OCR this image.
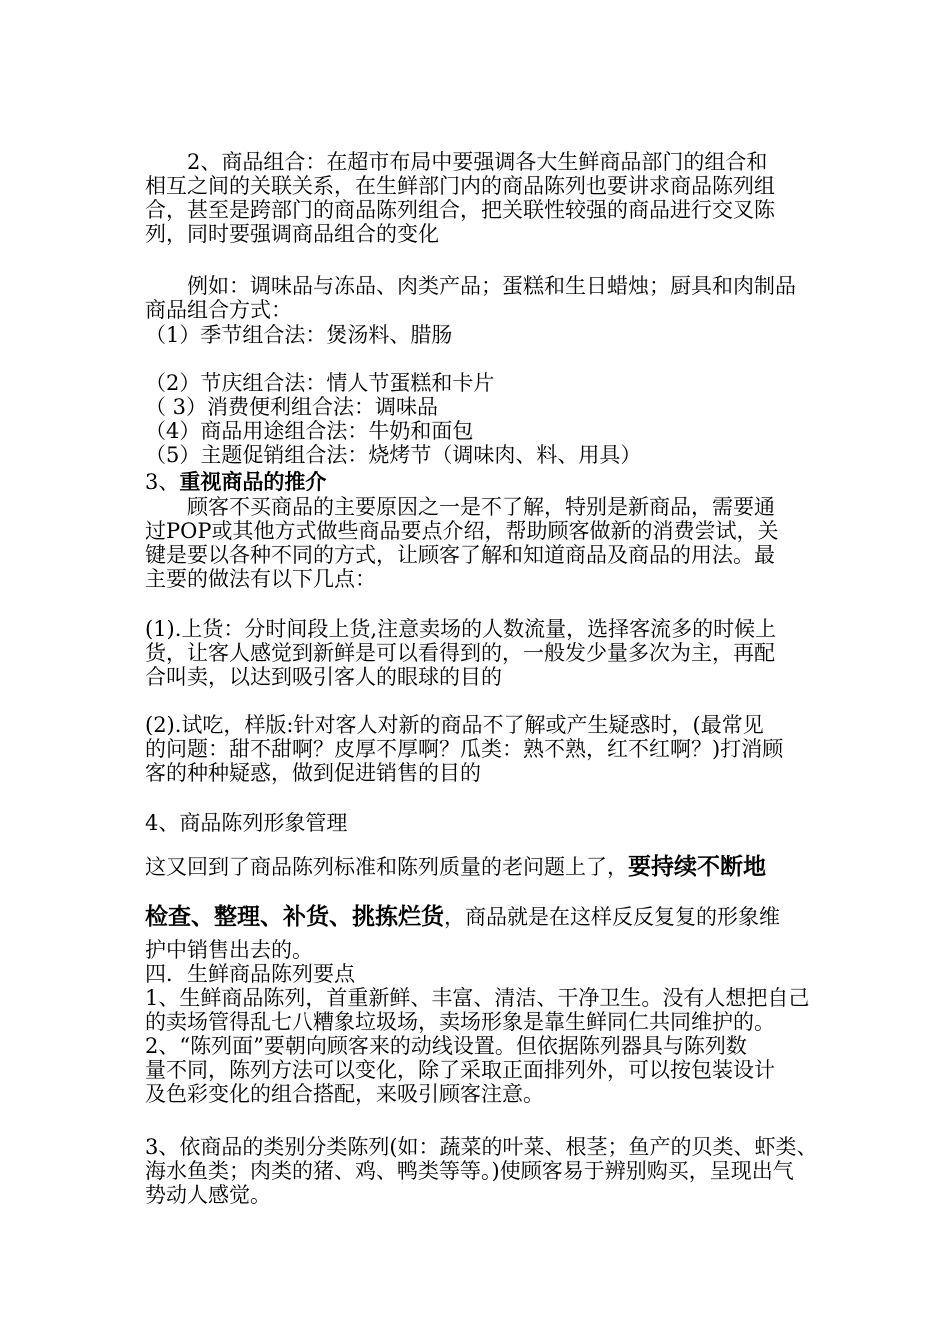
　　2、商品组合：在超市布局中要强调各大生鲜商品部门的组合和
相互之间的关联关系，在生鲜部门内的商品陈列也要讲求商品陈列组
合，甚至是跨部门的商品陈列组合，把关联性较强的商品进行交叉陈
列，同时要强调商品组合的变化
　　例如：调味品与冻品、肉类产品；蛋糕和生日蜡烛；厨具和肉制品
商品组合方式：
（1）季节组合法：煲汤料、腊肠
（2）节庆组合法：情人节蛋糕和卡片
（ 3）消费便利组合法：调味品
（4）商品用途组合法：牛奶和面包
（5）主题促销组合法：烧烤节（调味肉、料、用具）
3、重视商品的推介
　　顾客不买商品的主要原因之一是不了解，特别是新商品，需要通
过POP或其他方式做些商品要点介绍，帮助顾客做新的消费尝试，关
键是要以各种不同的方式，让顾客了解和知道商品及商品的用法。最
主要的做法有以下几点：
(1).上货：分时间段上货,注意卖场的人数流量，选择客流多的时候上
货，让客人感觉到新鲜是可以看得到的，一般发少量多次为主，再配
合叫卖，以达到吸引客人的眼球的目的
(2).试吃，样版:针对客人对新的商品不了解或产生疑惑时，(最常见
的问题：甜不甜啊？皮厚不厚啊？瓜类：熟不熟，红不红啊？)打消顾
客的种种疑惑，做到促进销售的目的
4、商品陈列形象管理
这又回到了商品陈列标准和陈列质量的老问题上了，要持续不断地
检查、整理、补货、挑拣烂货，商品就是在这样反反复复的形象维
护中销售出去的。
四．生鲜商品陈列要点
1、生鲜商品陈列，首重新鲜、丰富、清洁、干净卫生。没有人想把自己
的卖场管得乱七八糟象垃圾场，卖场形象是靠生鲜同仁共同维护的。
2、“陈列面”要朝向顾客来的动线设置。但依据陈列器具与陈列数
量不同，陈列方法可以变化，除了采取正面排列外，可以按包装设计
及色彩变化的组合搭配，来吸引顾客注意。
3、依商品的类别分类陈列(如：蔬菜的叶菜、根茎；鱼产的贝类、虾类、
海水鱼类；肉类的猪、鸡、鸭类等等。)使顾客易于辨别购买，呈现出气
势动人感觉。
